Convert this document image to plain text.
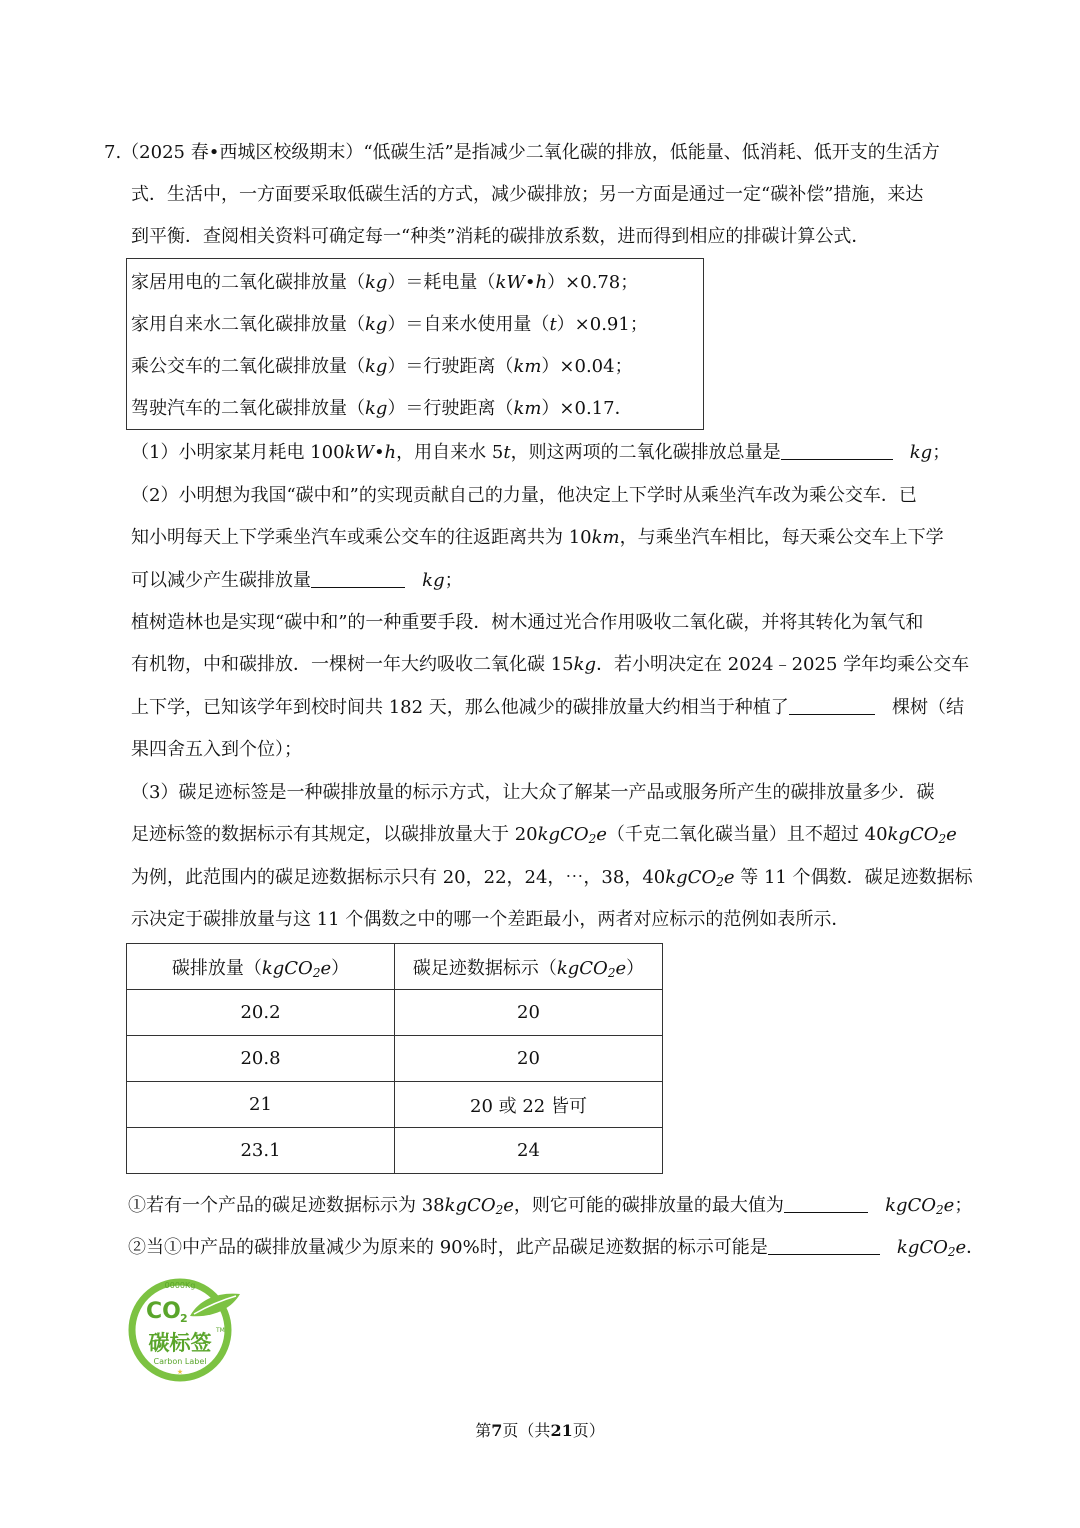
7.（2025 春•西城区校级期末）“低碳生活”是指减少二氧化碳的排放，低能量、低消耗、低开支的生活方
式．生活中，一方面要采取低碳生活的方式，减少碳排放；另一方面是通过一定“碳补偿”措施，来达
到平衡．查阅相关资料可确定每一“种类”消耗的碳排放系数，进而得到相应的排碳计算公式．
家居用电的二氧化碳排放量（kg）＝耗电量（kW•h）×0.78；
家用自来水二氧化碳排放量（kg）＝自来水使用量（t）×0.91；
乘公交车的二氧化碳排放量（kg）＝行驶距离（km）×0.04；
驾驶汽车的二氧化碳排放量（kg）＝行驶距离（km）×0.17．
（1）小明家某月耗电 100kW•h，用自来水 5t，则这两项的二氧化碳排放总量是	kg；
（2）小明想为我国“碳中和”的实现贡献自己的力量，他决定上下学时从乘坐汽车改为乘公交车．已
知小明每天上下学乘坐汽车或乘公交车的往返距离共为 10km，与乘坐汽车相比，每天乘公交车上下学
可以减少产生碳排放量	kg；
植树造林也是实现“碳中和”的一种重要手段．树木通过光合作用吸收二氧化碳，并将其转化为氧气和
有机物，中和碳排放．一棵树一年大约吸收二氧化碳 15kg．若小明决定在 2024﹣2025 学年均乘公交车
上下学，已知该学年到校时间共 182 天，那么他减少的碳排放量大约相当于种植了	棵树（结
果四舍五入到个位）；
（3）碳足迹标签是一种碳排放量的标示方式，让大众了解某一产品或服务所产生的碳排放量多少．碳
足迹标签的数据标示有其规定，以碳排放量大于 20kgCO$_2$e（千克二氧化碳当量）且不超过 40kgCO$_2$e
为例，此范围内的碳足迹数据标示只有 20，22，24，⋯，38，40kgCO$_2$e 等 11 个偶数．碳足迹数据标
示决定于碳排放量与这 11 个偶数之中的哪一个差距最小，两者对应标示的范例如表所示．
碳排放量（kgCO$_2$e）	碳足迹数据标示（kgCO$_2$e）
20.2	20
20.8	20
21	20 或 22 皆可
23.1	24
①若有一个产品的碳足迹数据标示为 38kgCO$_2$e，则它可能的碳排放量的最大值为	kgCO$_2$e；
②当①中产品的碳排放量减少为原来的 90%时，此产品碳足迹数据的标示可能是	kgCO$_2$e．
0000Kg
CO 2
TM
碳标签
Carbon Label
★
第7页（共21页）
